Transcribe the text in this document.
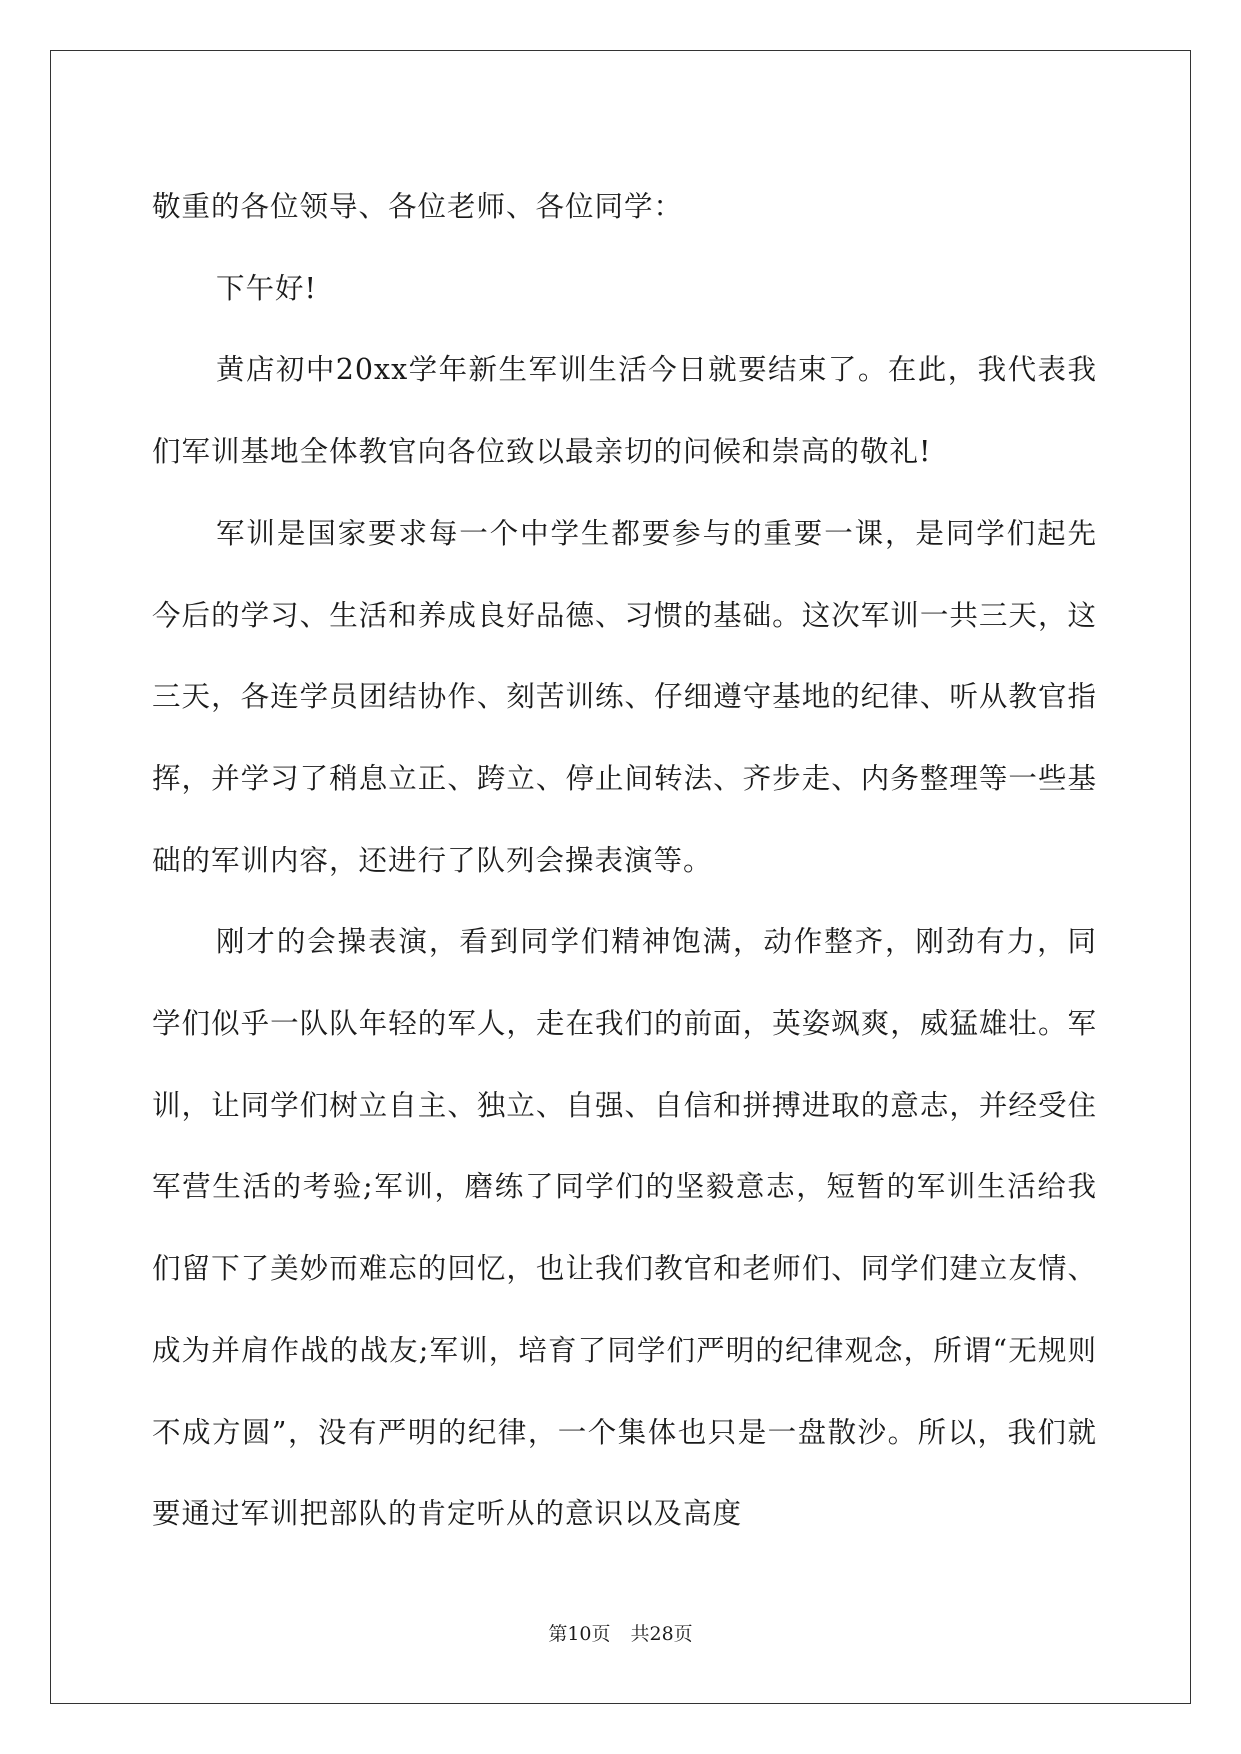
敬重的各位领导、各位老师、各位同学：

下午好!

黄店初中20xx学年新生军训生活今日就要结束了。在此，我代表我们军训基地全体教官向各位致以最亲切的问候和崇高的敬礼!

军训是国家要求每一个中学生都要参与的重要一课，是同学们起先今后的学习、生活和养成良好品德、习惯的基础。这次军训一共三天，这三天，各连学员团结协作、刻苦训练、仔细遵守基地的纪律、听从教官指挥，并学习了稍息立正、跨立、停止间转法、齐步走、内务整理等一些基础的军训内容，还进行了队列会操表演等。

刚才的会操表演，看到同学们精神饱满，动作整齐，刚劲有力，同学们似乎一队队年轻的军人，走在我们的前面，英姿飒爽，威猛雄壮。军训，让同学们树立自主、独立、自强、自信和拼搏进取的意志，并经受住军营生活的考验;军训，磨练了同学们的坚毅意志，短暂的军训生活给我们留下了美妙而难忘的回忆，也让我们教官和老师们、同学们建立友情、成为并肩作战的战友;军训，培育了同学们严明的纪律观念，所谓“无规则不成方圆”，没有严明的纪律，一个集体也只是一盘散沙。所以，我们就要通过军训把部队的肯定听从的意识以及高度

第10页 共28页
